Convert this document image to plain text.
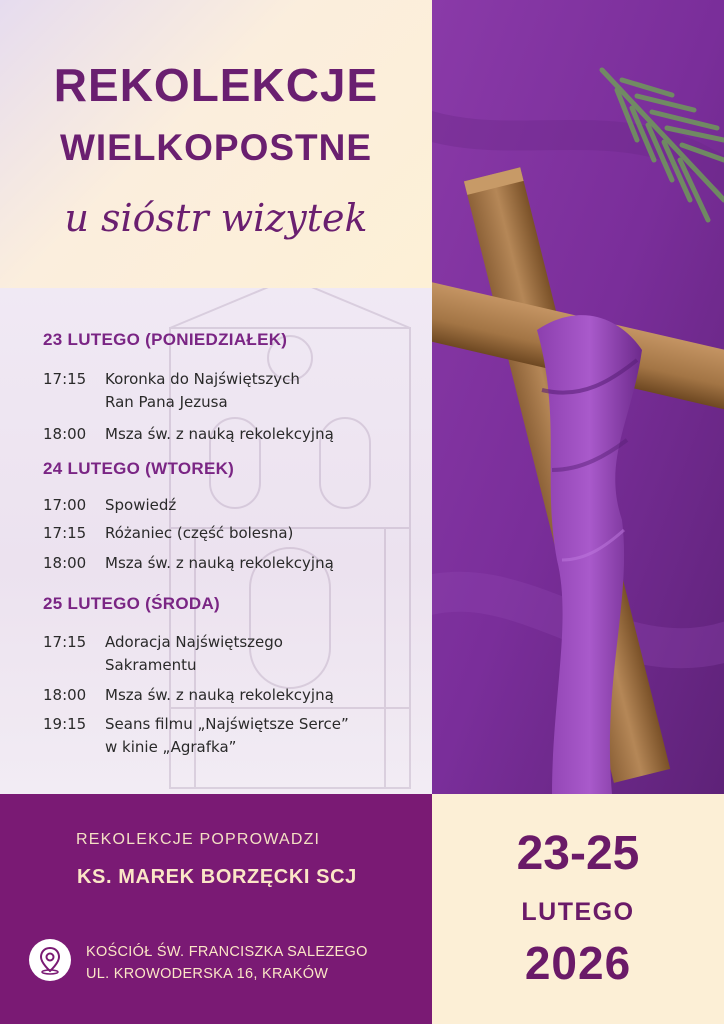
REKOLEKCJE
WIELKOPOSTNE
u sióstr wizytek
23 LUTEGO (PONIEDZIAŁEK)
17:15 Koronka do Najświętszych
Ran Pana Jezusa
18:00 Msza św. z nauką rekolekcyjną
24 LUTEGO (WTOREK)
17:00 Spowiedź
17:15 Różaniec (część bolesna)
18:00 Msza św. z nauką rekolekcyjną
25 LUTEGO (ŚRODA)
17:15 Adoracja Najświętszego
Sakramentu
18:00 Msza św. z nauką rekolekcyjną
19:15 Seans filmu „Najświętsze Serce”
w kinie „Agrafka”
REKOLEKCJE POPROWADZI
KS. MAREK BORZĘCKI SCJ
KOŚCIÓŁ ŚW. FRANCISZKA SALEZEGO
UL. KROWODERSKA 16, KRAKÓW
23-25
LUTEGO
2026
